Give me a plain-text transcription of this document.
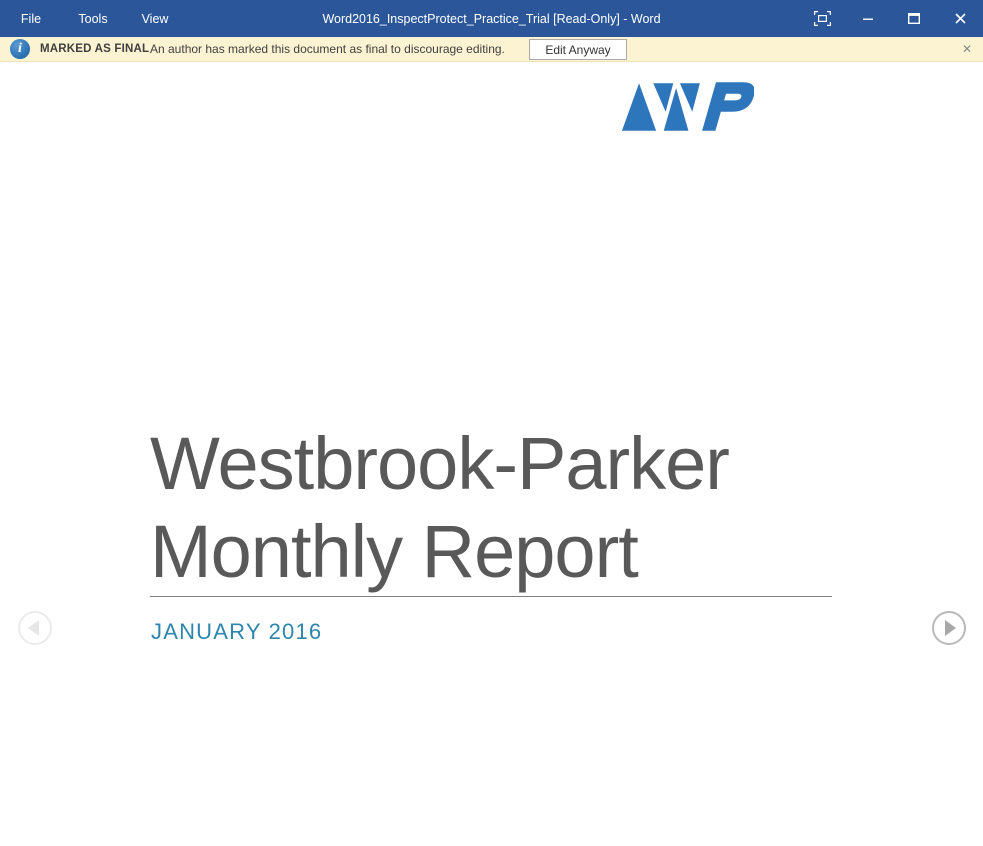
File	Tools	View	Word2016_InspectProtect_Practice_Trial [Read-Only] - Word
i	MARKED AS FINAL An author has marked this document as final to discourage editing.	Edit Anyway	✕
Westbrook-Parker
Monthly Report
JANUARY 2016
